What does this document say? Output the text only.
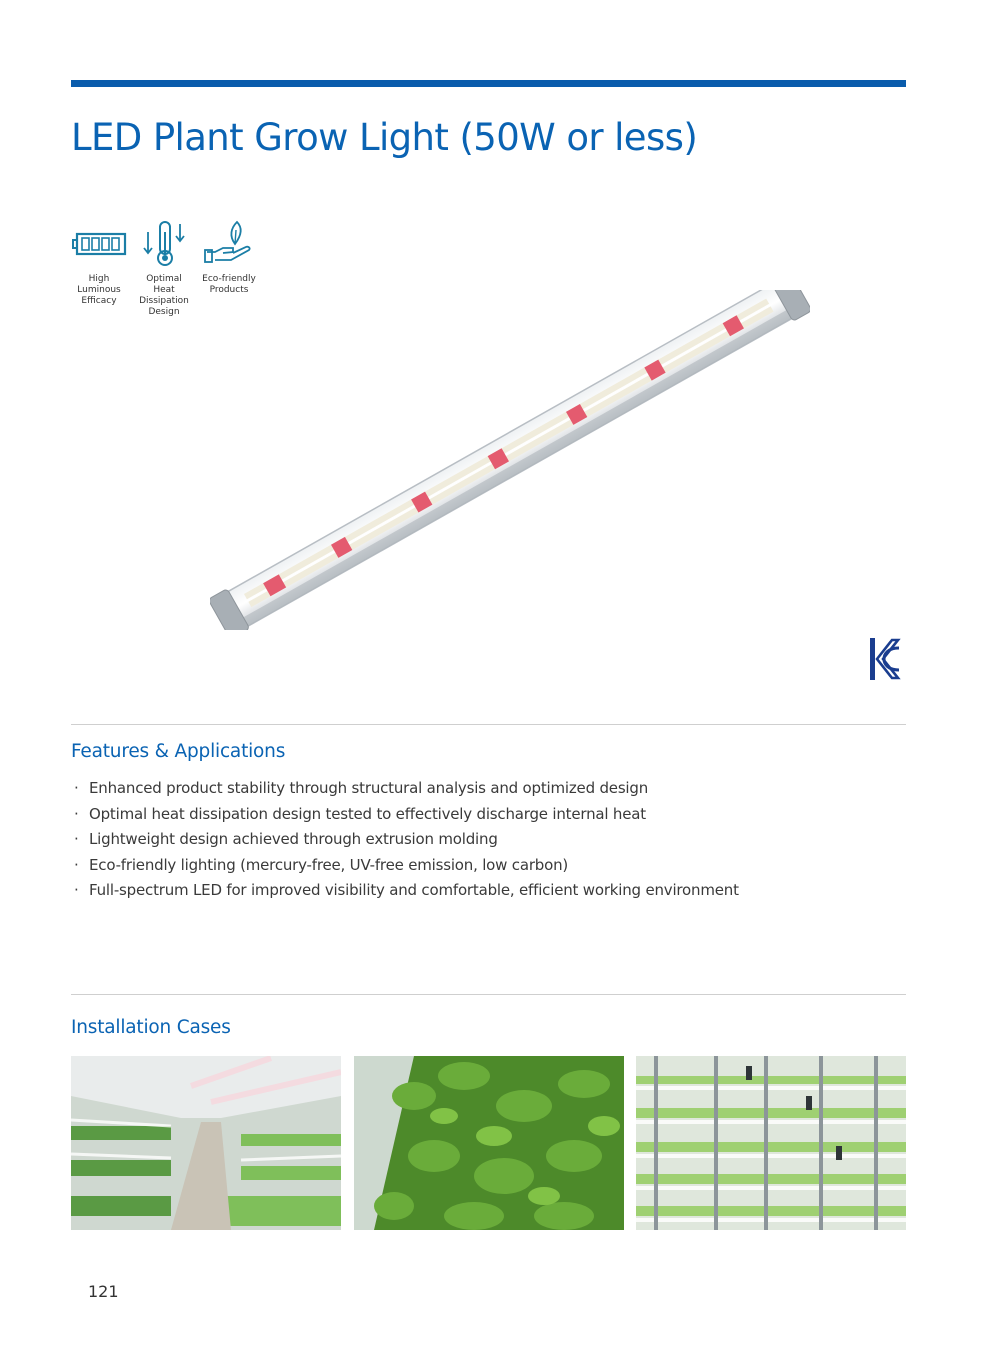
LED Plant Grow Light (50W or less)
High
Luminous
Efficacy
Optimal
Heat
Dissipation
Design
Eco-friendly
Products
Features & Applications
· Enhanced product stability through structural analysis and optimized design
· Optimal heat dissipation design tested to effectively discharge internal heat
· Lightweight design achieved through extrusion molding
· Eco-friendly lighting (mercury-free, UV-free emission, low carbon)
· Full-spectrum LED for improved visibility and comfortable, efficient working environment
Installation Cases
121
